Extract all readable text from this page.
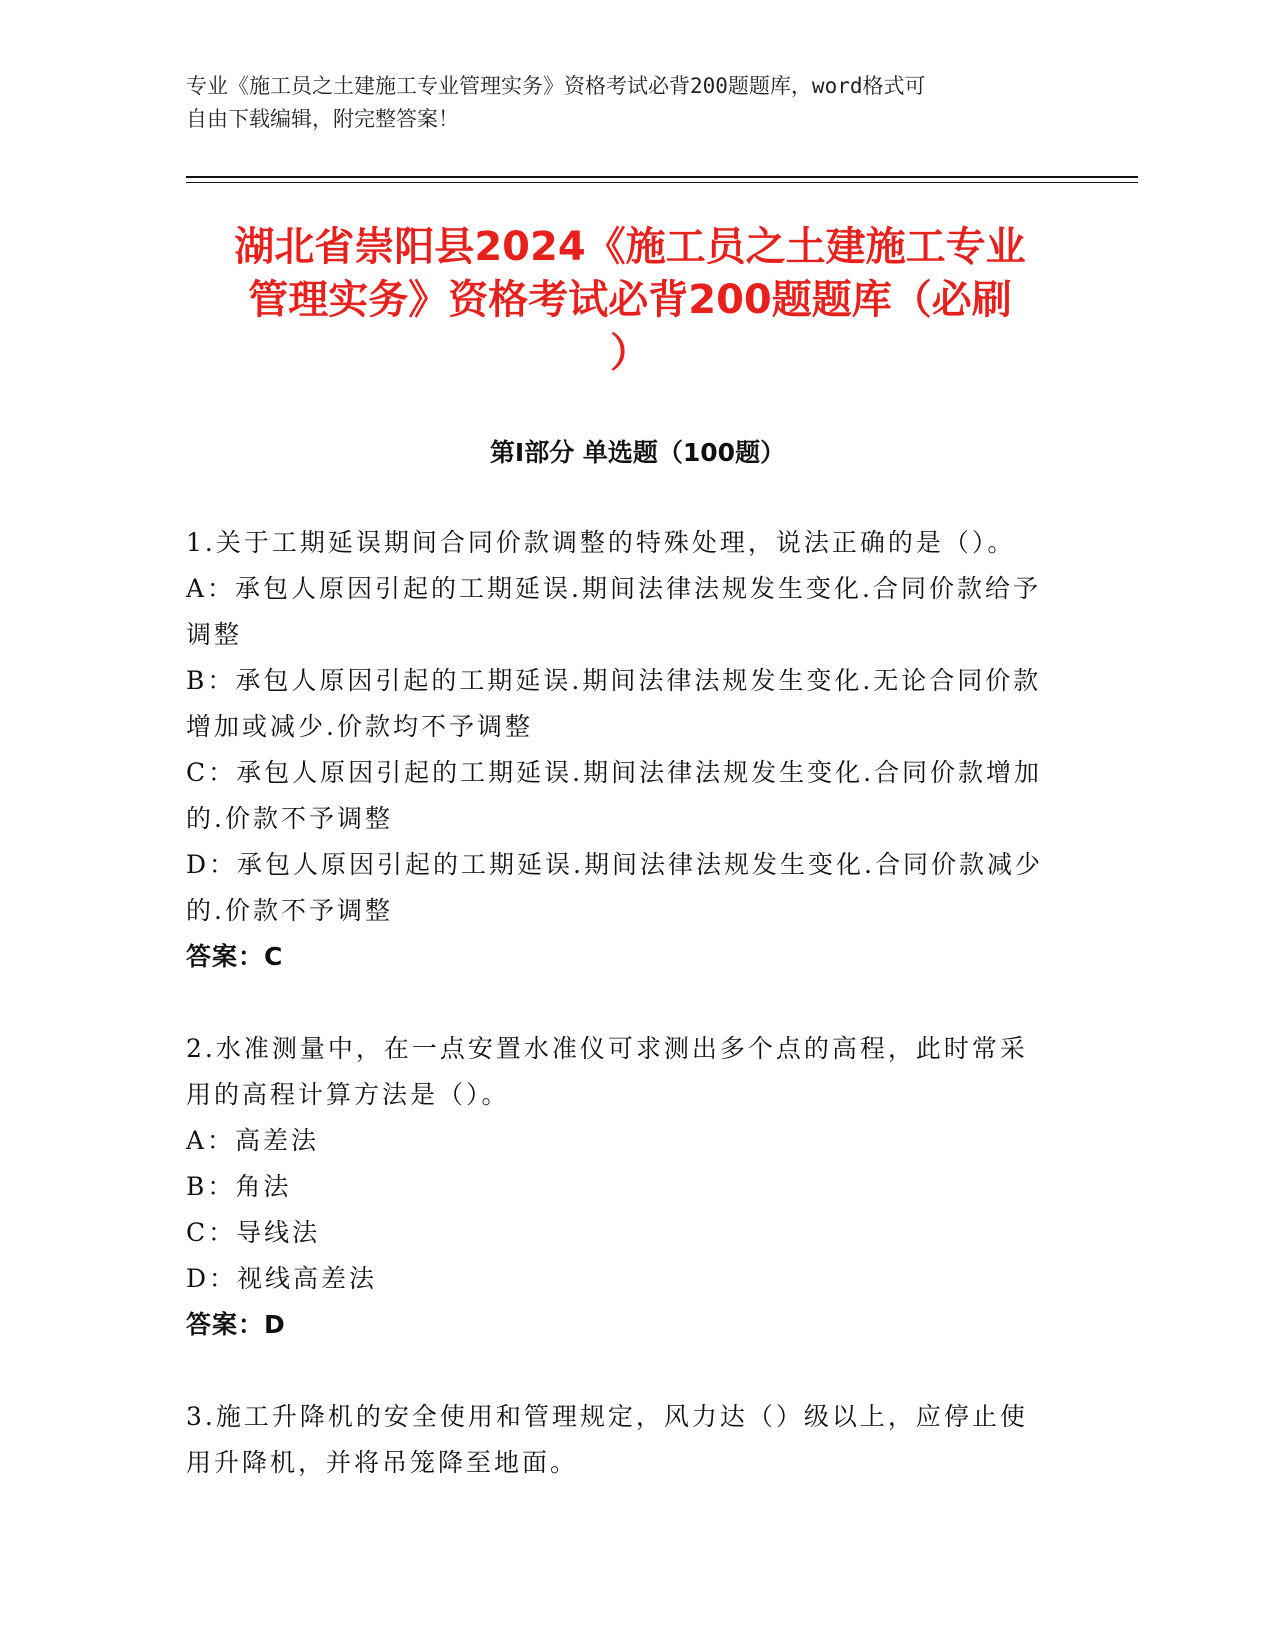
专业《施工员之土建施工专业管理实务》资格考试必背200题题库，word格式可
自由下载编辑，附完整答案！
湖北省崇阳县2024《施工员之土建施工专业
管理实务》资格考试必背200题题库（必刷
）
第Ⅰ部分 单选题（100题）
1.关于工期延误期间合同价款调整的特殊处理，说法正确的是（）。
A：承包人原因引起的工期延误.期间法律法规发生变化.合同价款给予
调整
B：承包人原因引起的工期延误.期间法律法规发生变化.无论合同价款
增加或减少.价款均不予调整
C：承包人原因引起的工期延误.期间法律法规发生变化.合同价款增加
的.价款不予调整
D：承包人原因引起的工期延误.期间法律法规发生变化.合同价款减少
的.价款不予调整
答案：C
2.水准测量中，在一点安置水准仪可求测出多个点的高程，此时常采
用的高程计算方法是（）。
A：高差法
B：角法
C：导线法
D：视线高差法
答案：D
3.施工升降机的安全使用和管理规定，风力达（）级以上，应停止使
用升降机，并将吊笼降至地面。
